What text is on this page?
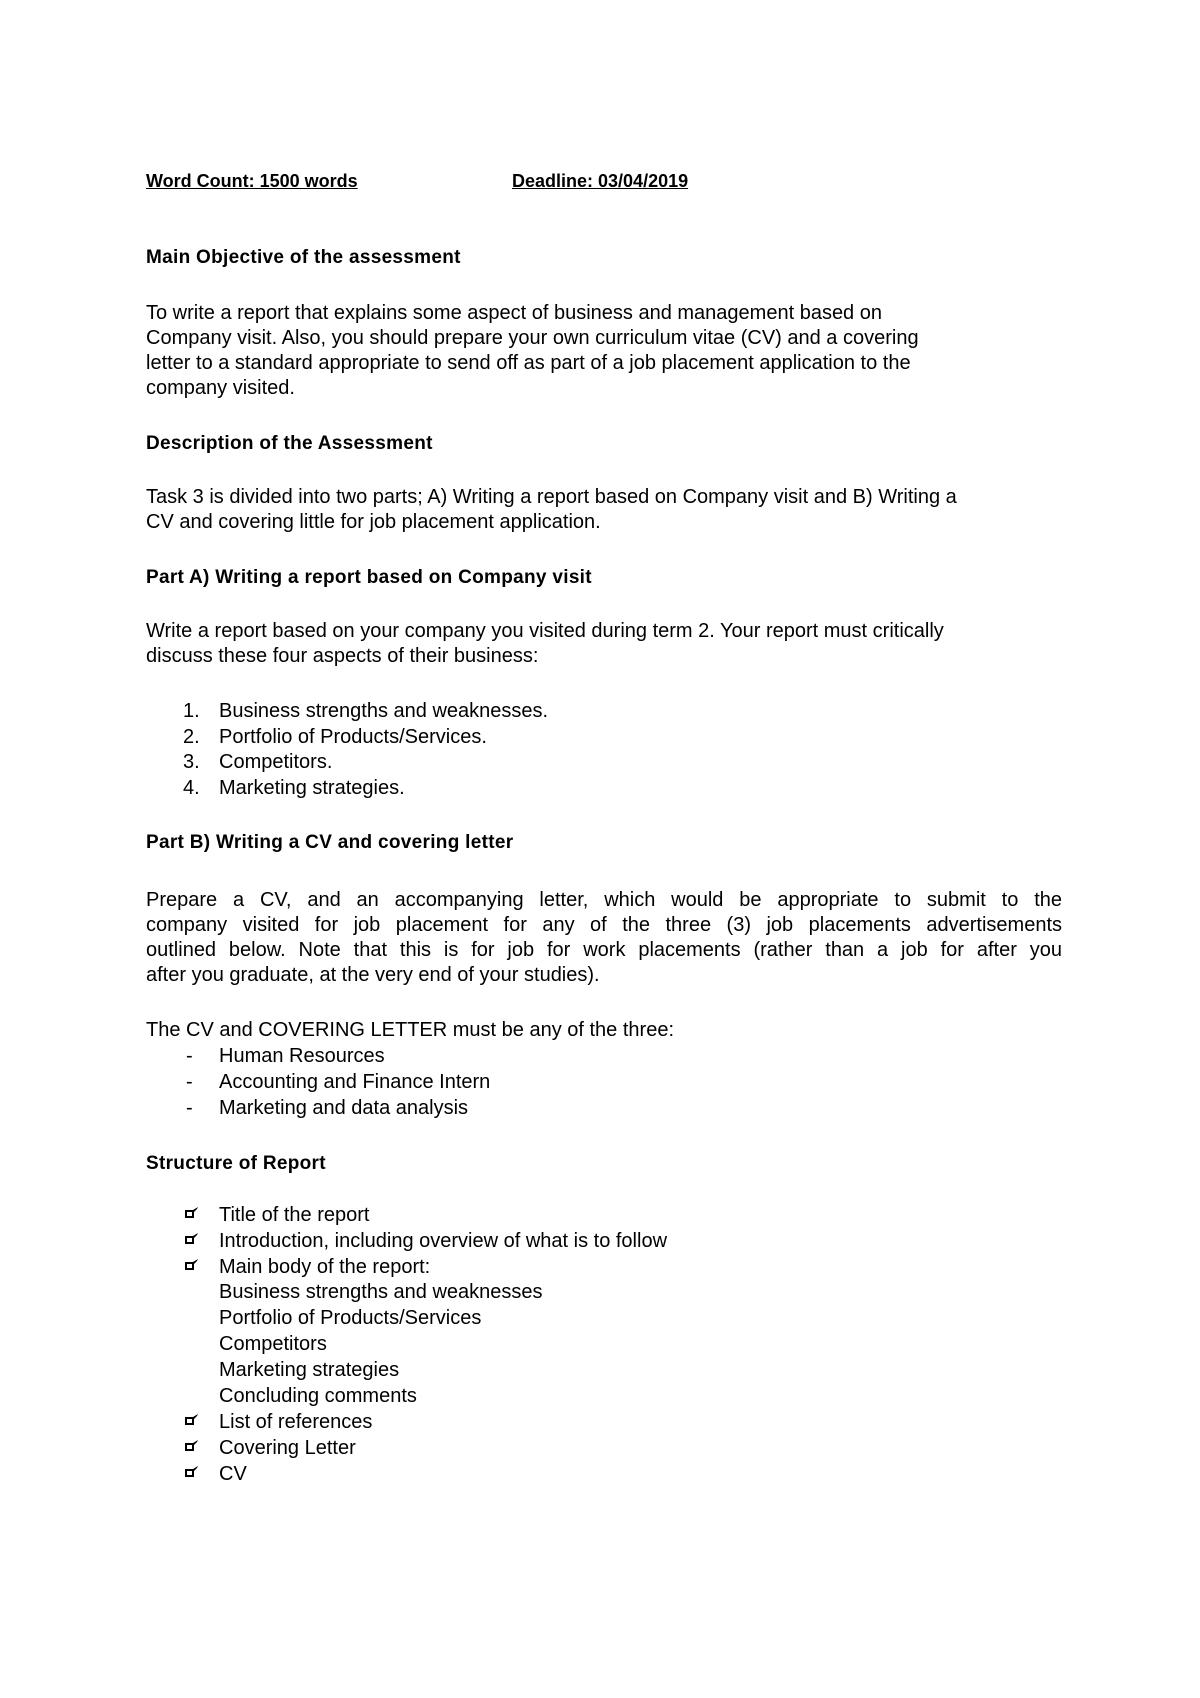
Word Count: 1500 words	Deadline: 03/04/2019
Main Objective of the assessment
To write a report that explains some aspect of business and management based on
Company visit. Also, you should prepare your own curriculum vitae (CV) and a covering
letter to a standard appropriate to send off as part of a job placement application to the
company visited.
Description of the Assessment
Task 3 is divided into two parts; A) Writing a report based on Company visit and B) Writing a
CV and covering little for job placement application.
Part A) Writing a report based on Company visit
Write a report based on your company you visited during term 2. Your report must critically
discuss these four aspects of their business:
1. Business strengths and weaknesses.
2. Portfolio of Products/Services.
3. Competitors.
4. Marketing strategies.
Part B) Writing a CV and covering letter
Prepare a CV, and an accompanying letter, which would be appropriate to submit to the
company visited for job placement for any of the three (3) job placements advertisements
outlined below. Note that this is for job for work placements (rather than a job for after you
after you graduate, at the very end of your studies).
The CV and COVERING LETTER must be any of the three:
- Human Resources
- Accounting and Finance Intern
- Marketing and data analysis
Structure of Report
Title of the report
Introduction, including overview of what is to follow
Main body of the report:
Business strengths and weaknesses
Portfolio of Products/Services
Competitors
Marketing strategies
Concluding comments
List of references
Covering Letter
CV
